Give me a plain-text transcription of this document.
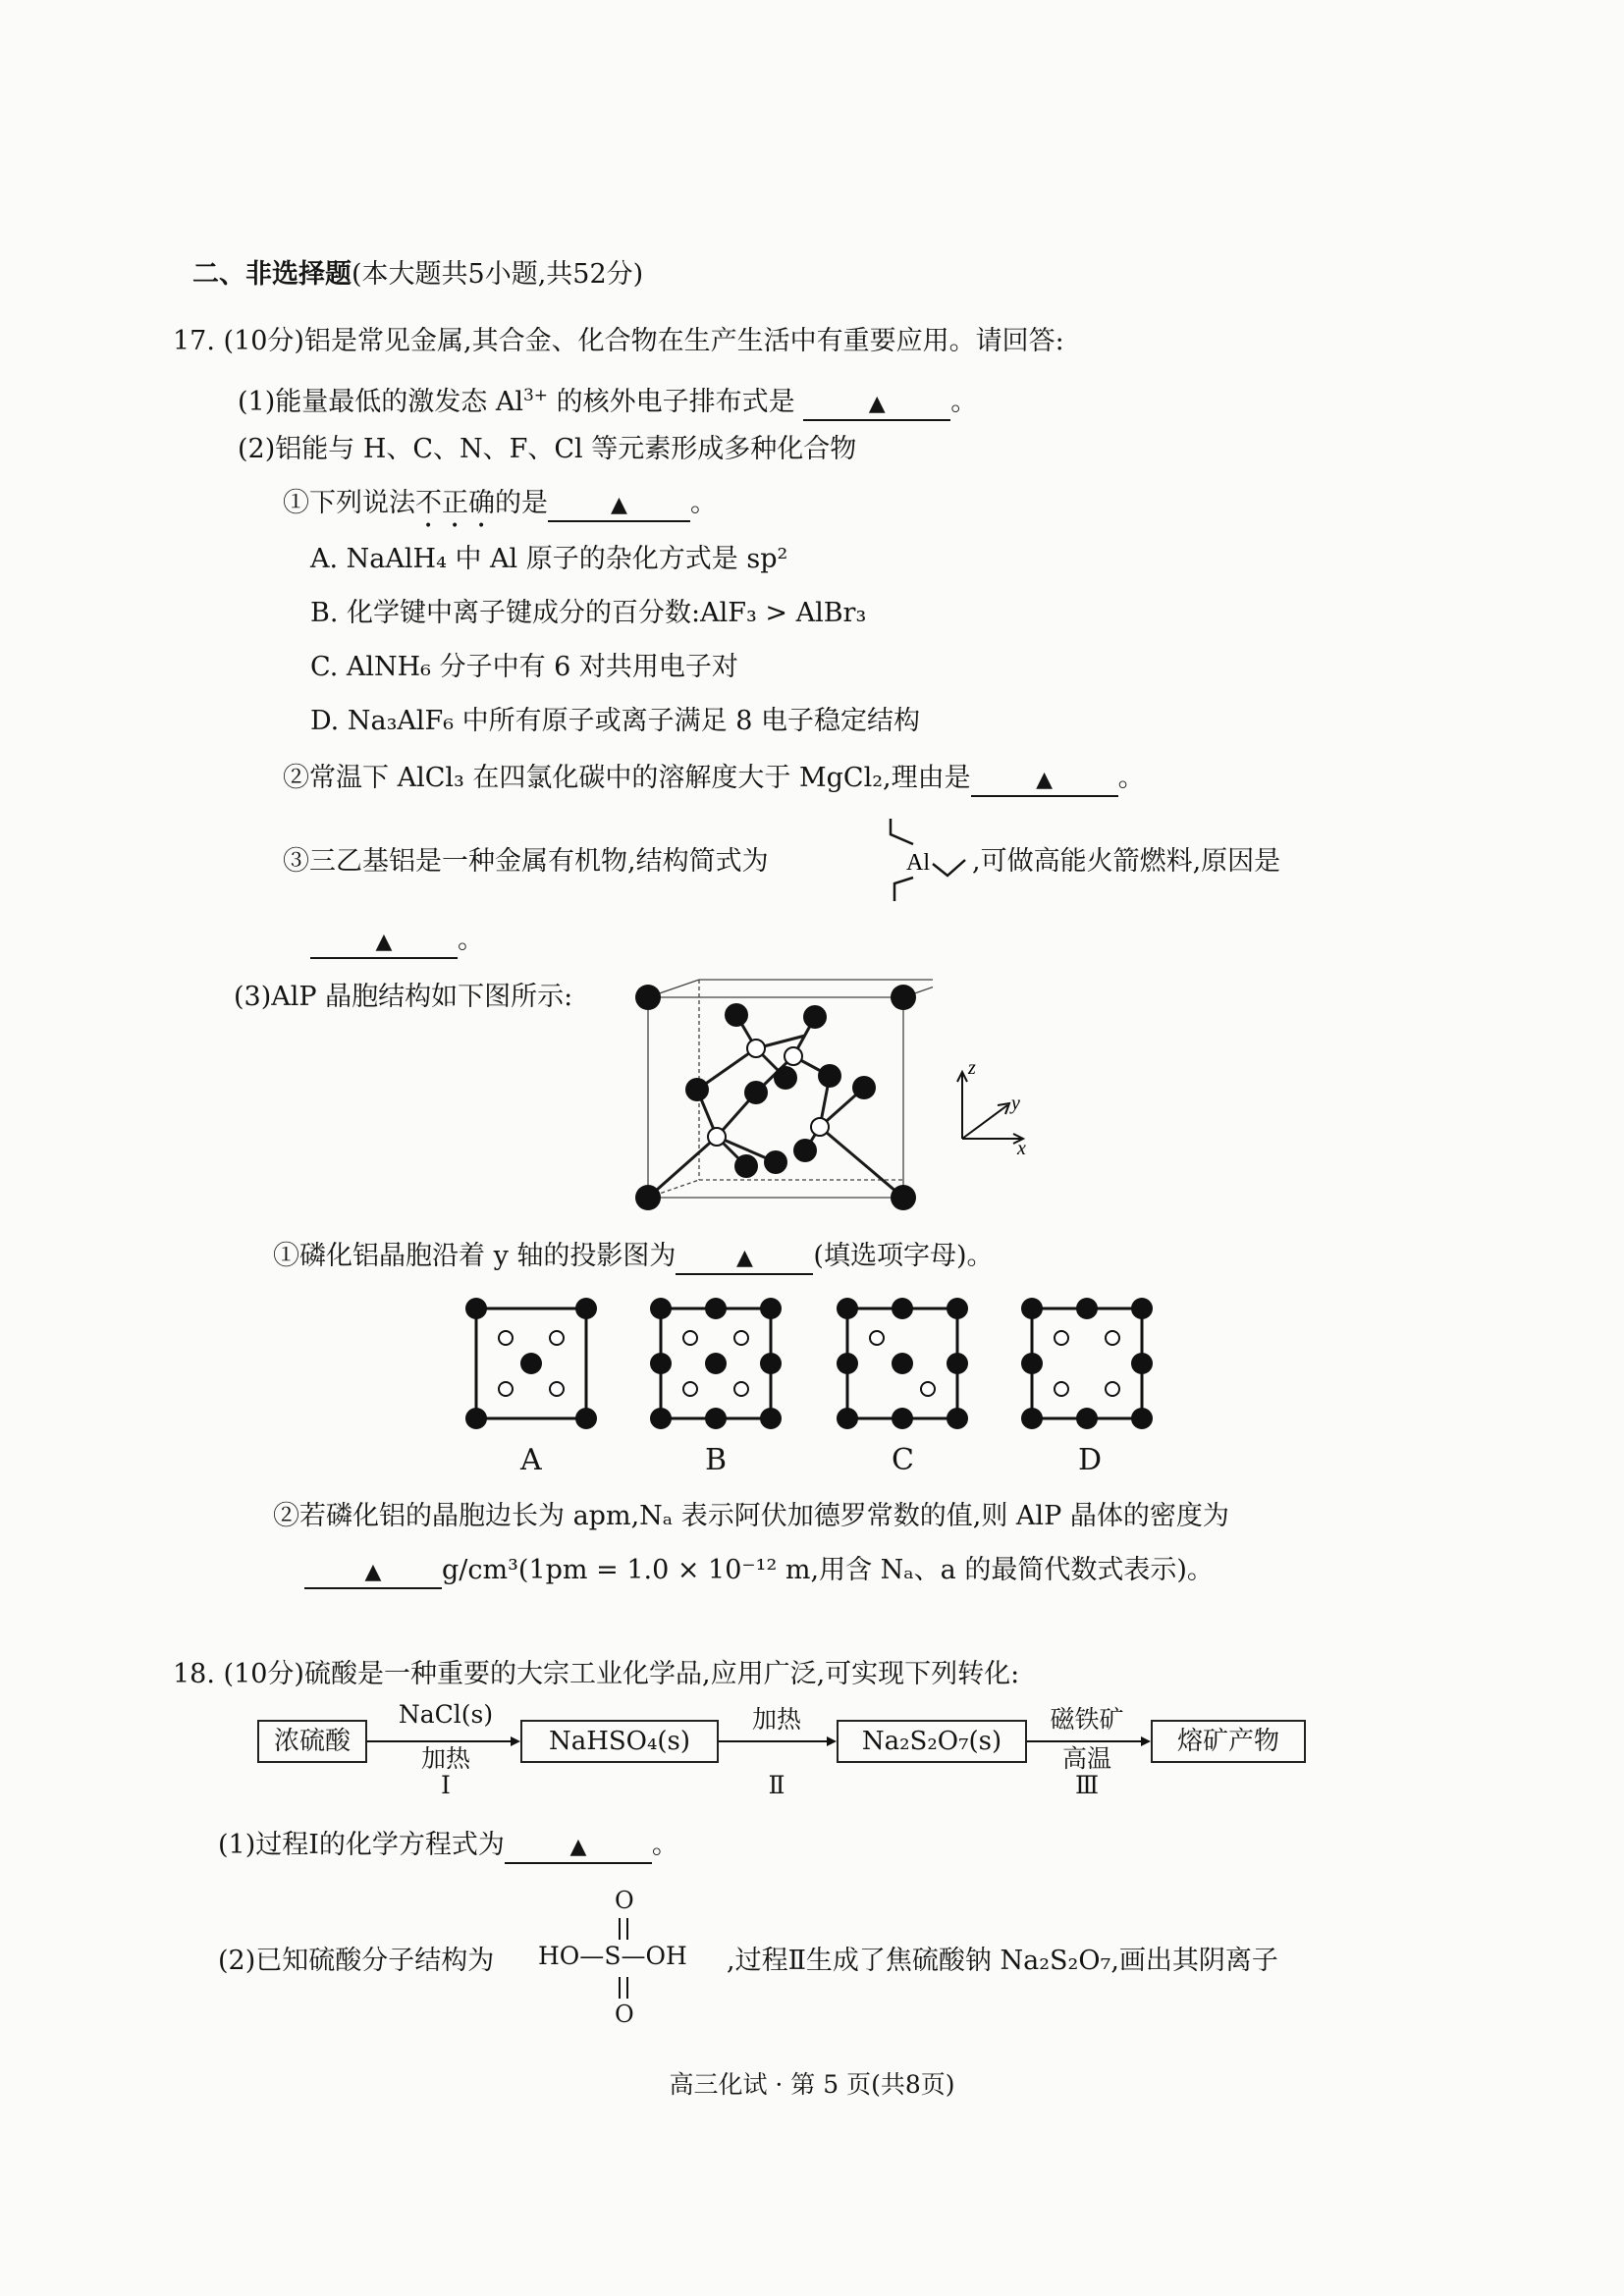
二、非选择题(本大题共5小题,共52分)
17. (10分)铝是常见金属,其合金、化合物在生产生活中有重要应用。请回答:
(1)能量最低的激发态 $Al^{3+}$ 的核外电子排布式是	▲ 。
(2)铝能与 H、C、N、F、Cl 等元素形成多种化合物
①下列说法不正确的是	▲ 。
A. NaAlH₄ 中 Al 原子的杂化方式是 sp²
B. 化学键中离子键成分的百分数:AlF₃ > AlBr₃
C. AlNH₆ 分子中有 6 对共用电子对
D. Na₃AlF₆ 中所有原子或离子满足 8 电子稳定结构
②常温下 AlCl₃ 在四氯化碳中的溶解度大于 MgCl₂,理由是	▲ 。
③三乙基铝是一种金属有机物,结构简式为	Al ,可做高能火箭燃料,原因是
▲ 。
(3)AlP 晶胞结构如下图所示:
z
y
x
①磷化铝晶胞沿着 y 轴的投影图为	▲ (填选项字母)。
A	B	C	D
②若磷化铝的晶胞边长为 apm,Nₐ 表示阿伏加德罗常数的值,则 AlP 晶体的密度为
▲ g/cm³(1pm = 1.0 × 10⁻¹² m,用含 Nₐ、a 的最简代数式表示)。
18. (10分)硫酸是一种重要的大宗工业化学品,应用广泛,可实现下列转化:
浓硫酸
NaCl(s)
加热
Ⅰ
NaHSO₄(s)
加热
Ⅱ
Na₂S₂O₇(s)
磁铁矿
高温
Ⅲ
熔矿产物
(1)过程Ⅰ的化学方程式为	▲ 。
(2)已知硫酸分子结构为
O
HO—S—OH
O
,过程Ⅱ生成了焦硫酸钠 Na₂S₂O₇,画出其阴离子
高三化试 · 第 5 页(共8页)
